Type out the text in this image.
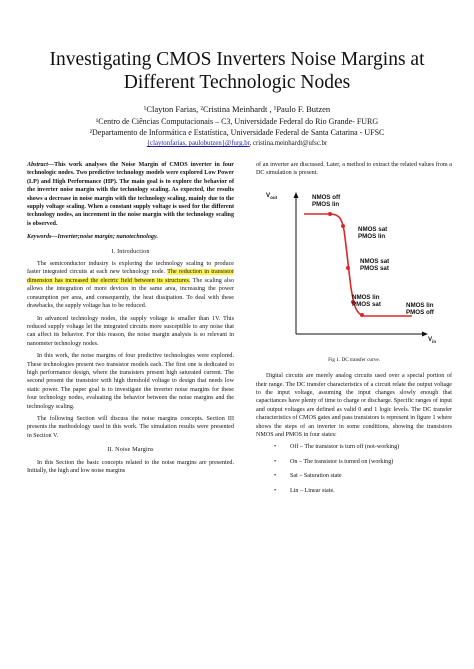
Investigating CMOS Inverters Noise Margins at
Different Technologic Nodes
¹Clayton Farias, ²Cristina Meinhardt , ¹Paulo F. Butzen
¹Centro de Ciências Computacionais – C3, Universidade Federal do Rio Grande- FURG
²Departamento de Informática e Estatística, Universidade Federal de Santa Catarina - UFSC
{claytonfarias, paulobutzen}@furg.br, cristina.meinhardt@ufsc.br
Abstract—This work analyses the Noise Margin of CMOS inverter in four technologic nodes. Two predictive technology models were explored Low Power (LP) and High Performance (HP). The main goal is to explore the behavior of the inverter noise margin with the technology scaling. As expected, the results shows a decrease in noise margin with the technology scaling, mainly due to the supply voltage scaling. When a constant supply voltage is used for the different technology nodes, an increment in the noise margin with the technology scaling is observed.
Keywords—Inverter;noise margin; nanotechnology.
I. Introduction
The semiconductor industry is exploring the technology scaling to produce faster integrated circuits at each new technology node. The reduction in transistor dimension has increased the electric field between its structures. The scaling also allows the integration of more devices in the same area, increasing the power consumption per area, and consequently, the heat dissipation. To deal with these drawbacks, the supply voltage has to be reduced.
In advanced technology nodes, the supply voltage is smaller than 1V. This reduced supply voltage let the integrated circuits more susceptible to any noise that can affect its behavior. For this reason, the noise margin analysis is so relevant in nanometer technology nodes.
In this work, the noise margins of four predictive technologies were explored. These technologies present two transistor models each. The first one is dedicated to high performance design, where the transisters present high saturated current. The second present the transistor with high threshold voltage to design that needs low static power. The paper goal is to investigate the inverter noise margins for these four technology nodes, evaluating the behavior between the noise margins and the technology scaling.
The following Section will discuss the noise margins concepts. Section III presents the methodology used in this work. The simulation results were presented in Section V.
II. Noise Margins
In this Section the basic concepts related to the noise margins are presented. Initially, the high and low noise margins
of an inverter are discussed. Later, a method to extract the related values from a DC simulation is present.
$V_{out}$
$V_{in}$
NMOS off
PMOS lin
NMOS sat
PMOS lin
NMOS sat
PMOS sat
NMOS lin
PMOS sat	NMOS lin
PMOS off
Fig 1. DC transfer curve.
Digital circuits are merely analog circuits used over a special portion of their range. The DC transfer characteristics of a circuit relate the output voltage to the input voltage, assuming the input changes slowly enough that capacitances have plenty of time to charge or discharge. Specific ranges of input and output voltages are defined as valid 0 and 1 logic levels. The DC transfer characteristics of CMOS gates and pass transistors is represent in figure 1 where shows the steps of an inverter in some conditions, showing the transistors NMOS and PMOS in four states:
• Off – The transistor is turn off (not-working)
• On – The transistor is turned on (working)
• Sat – Saturation state
• Lin – Linear state.
